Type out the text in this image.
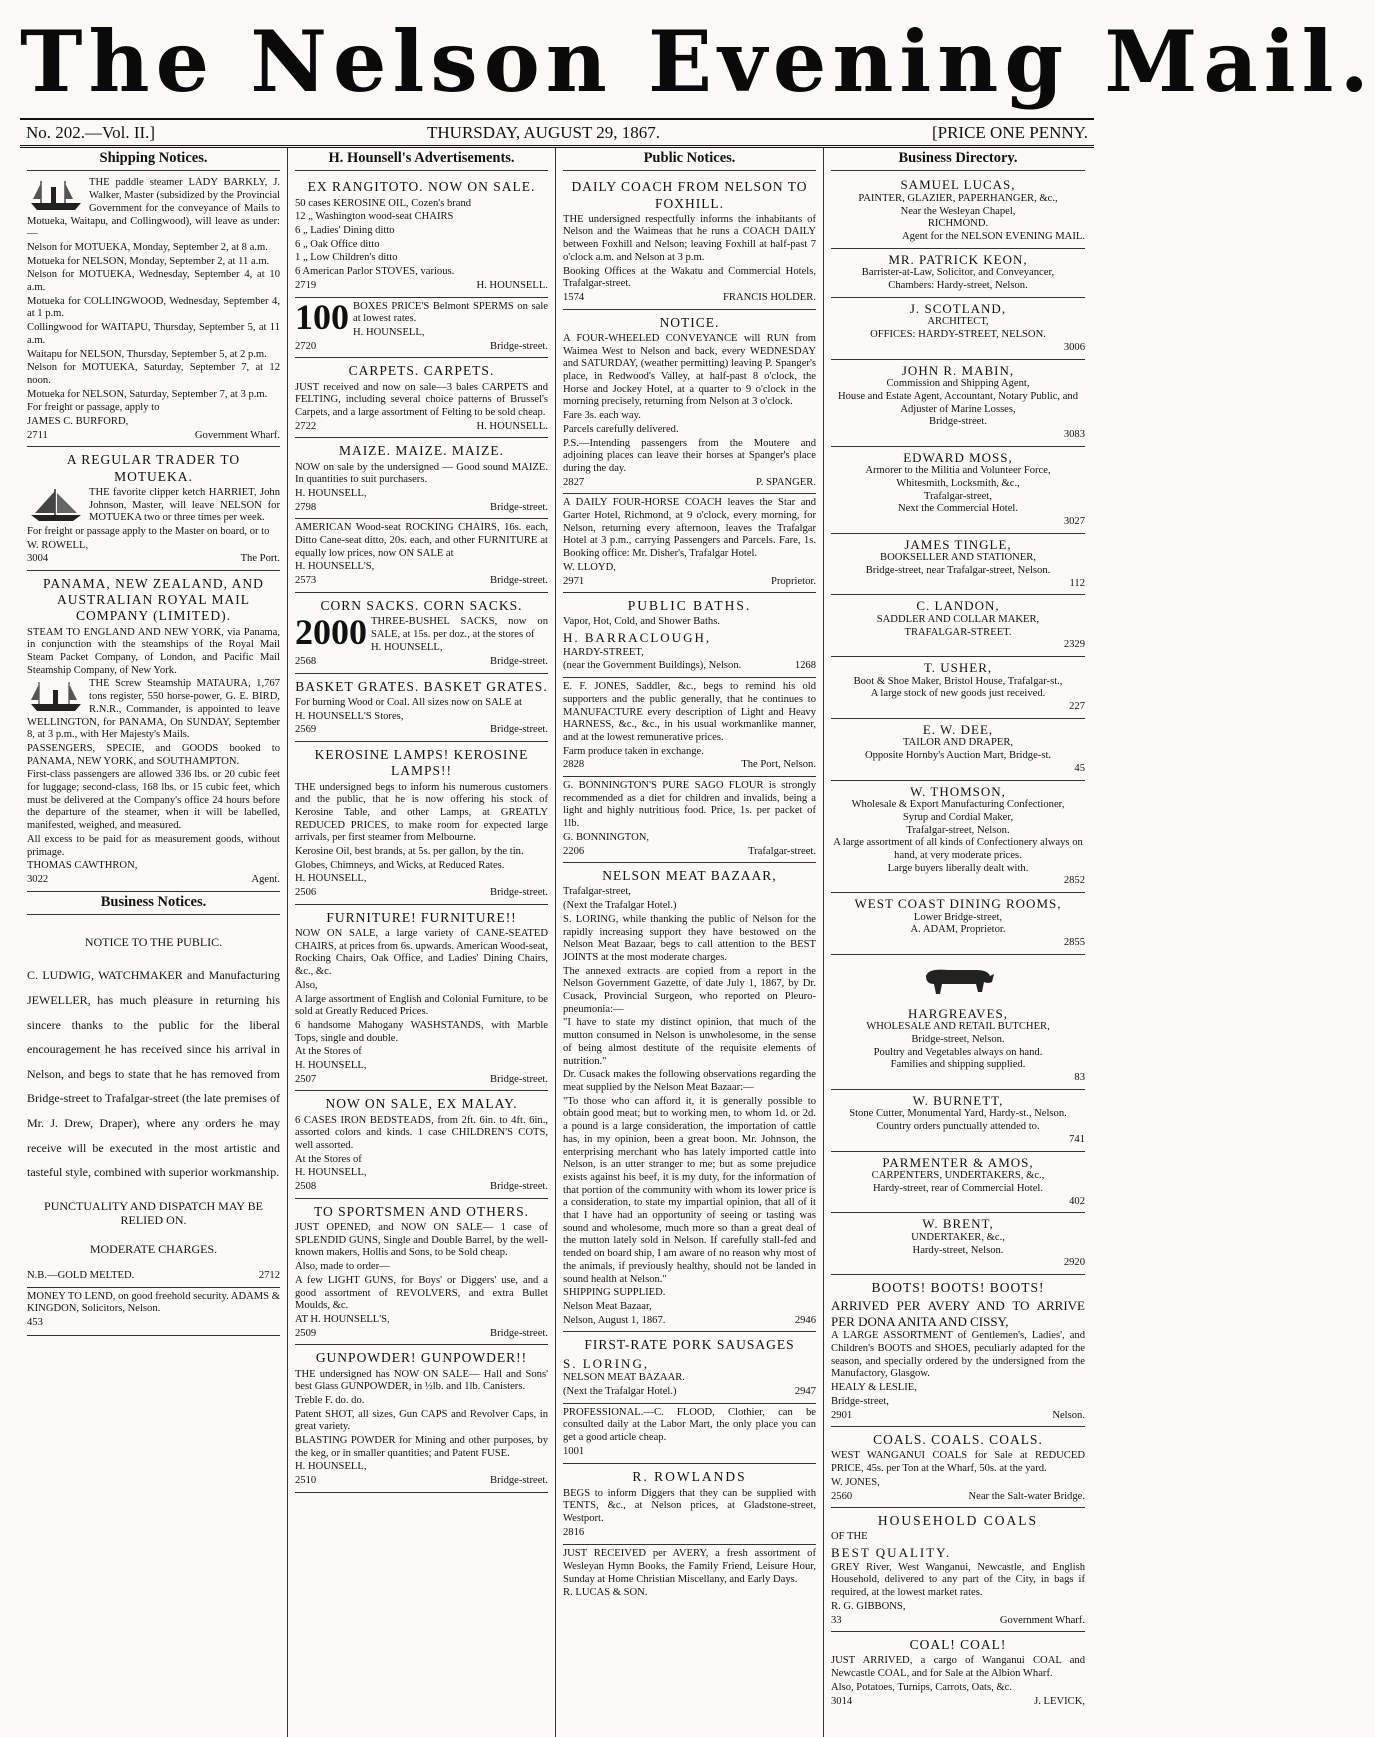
The Nelson Evening Mail.
No. 202.—Vol. II.]	THURSDAY, AUGUST 29, 1867.	[PRICE ONE PENNY.
Shipping Notices.

THE paddle steamer LADY BARKLY, J. Walker, Master (subsidized by the Provincial Government for the conveyance of Mails to Motueka, Waitapu, and Collingwood), will leave as under:—

Nelson for MOTUEKA, Monday, September 2, at 8 a.m.

Motueka for NELSON, Monday, September 2, at 11 a.m.

Nelson for MOTUEKA, Wednesday, September 4, at 10 a.m.

Motueka for COLLINGWOOD, Wednesday, September 4, at 1 p.m.

Collingwood for WAITAPU, Thursday, September 5, at 11 a.m.

Waitapu for NELSON, Thursday, September 5, at 2 p.m.

Nelson for MOTUEKA, Saturday, September 7, at 12 noon.

Motueka for NELSON, Saturday, September 7, at 3 p.m.

For freight or passage, apply to

JAMES C. BURFORD,

2711	Government Wharf.
A REGULAR TRADER TO MOTUEKA.

THE favorite clipper ketch HARRIET, John Johnson, Master, will leave NELSON for MOTUEKA two or three times per week.

For freight or passage apply to the Master on board, or to

W. ROWELL,

3004	The Port.
PANAMA, NEW ZEALAND, AND AUSTRALIAN ROYAL MAIL COMPANY (LIMITED).

STEAM TO ENGLAND AND NEW YORK, via Panama, in conjunction with the steamships of the Royal Mail Steam Packet Company, of London, and Pacific Mail Steamship Company, of New York.

THE Screw Steamship MATAURA, 1,767 tons register, 550 horse-power, G. E. BIRD, R.N.R., Commander, is appointed to leave WELLINGTON, for PANAMA, On SUNDAY, September 8, at 3 p.m., with Her Majesty's Mails.

PASSENGERS, SPECIE, and GOODS booked to PANAMA, NEW YORK, and SOUTHAMPTON.

First-class passengers are allowed 336 lbs. or 20 cubic feet for luggage; second-class, 168 lbs. or 15 cubic feet, which must be delivered at the Company's office 24 hours before the departure of the steamer, when it will be labelled, manifested, weighed, and measured.

All excess to be paid for as measurement goods, without primage.

THOMAS CAWTHRON,

3022	Agent.
Business Notices.
NOTICE TO THE PUBLIC.

C. LUDWIG, WATCHMAKER and Manufacturing JEWELLER, has much pleasure in returning his sincere thanks to the public for the liberal encouragement he has received since his arrival in Nelson, and begs to state that he has removed from Bridge-street to Trafalgar-street (the late premises of Mr. J. Drew, Draper), where any orders he may receive will be executed in the most artistic and tasteful style, combined with superior workmanship.

PUNCTUALITY AND DISPATCH MAY BE RELIED ON.
MODERATE CHARGES.
N.B.—GOLD MELTED.	2712

MONEY TO LEND, on good freehold security. ADAMS & KINGDON, Solicitors, Nelson.

453

H. Hounsell's Advertisements.
EX RANGITOTO. NOW ON SALE.

50 cases KEROSINE OIL, Cozen's brand

12 „ Washington wood-seat CHAIRS

6 „ Ladies' Dining ditto

6 „ Oak Office ditto

1 „ Low Children's ditto

6 American Parlor STOVES, various.

2719	H. HOUNSELL.
100 BOXES PRICE'S Belmont SPERMS on sale at lowest rates.

H. HOUNSELL,

2720	Bridge-street.
CARPETS. CARPETS.

JUST received and now on sale—3 bales CARPETS and FELTING, including several choice patterns of Brussel's Carpets, and a large assortment of Felting to be sold cheap.

2722	H. HOUNSELL.
MAIZE. MAIZE. MAIZE.

NOW on sale by the undersigned — Good sound MAIZE. In quantities to suit purchasers.

H. HOUNSELL,

2798	Bridge-street.

AMERICAN Wood-seat ROCKING CHAIRS, 16s. each, Ditto Cane-seat ditto, 20s. each, and other FURNITURE at equally low prices, now ON SALE at

H. HOUNSELL'S,

2573	Bridge-street.
CORN SACKS. CORN SACKS.
2000 THREE-BUSHEL SACKS, now on SALE, at 15s. per doz., at the stores of

H. HOUNSELL,

2568	Bridge-street.
BASKET GRATES. BASKET GRATES.

For burning Wood or Coal. All sizes now on SALE at

H. HOUNSELL'S Stores,

2569	Bridge-street.
KEROSINE LAMPS! KEROSINE LAMPS!!

THE undersigned begs to inform his numerous customers and the public, that he is now offering his stock of Kerosine Table, and other Lamps, at GREATLY REDUCED PRICES, to make room for expected large arrivals, per first steamer from Melbourne.

Kerosine Oil, best brands, at 5s. per gallon, by the tin.

Globes, Chimneys, and Wicks, at Reduced Rates.

H. HOUNSELL,

2506	Bridge-street.
FURNITURE! FURNITURE!!

NOW ON SALE, a large variety of CANE-SEATED CHAIRS, at prices from 6s. upwards. American Wood-seat, Rocking Chairs, Oak Office, and Ladies' Dining Chairs, &c., &c.

Also,

A large assortment of English and Colonial Furniture, to be sold at Greatly Reduced Prices.

6 handsome Mahogany WASHSTANDS, with Marble Tops, single and double.

At the Stores of

H. HOUNSELL,

2507	Bridge-street.
NOW ON SALE, EX MALAY.

6 CASES IRON BEDSTEADS, from 2ft. 6in. to 4ft. 6in., assorted colors and kinds. 1 case CHILDREN'S COTS, well assorted.

At the Stores of

H. HOUNSELL,

2508	Bridge-street.
TO SPORTSMEN AND OTHERS.

JUST OPENED, and NOW ON SALE— 1 case of SPLENDID GUNS, Single and Double Barrel, by the well-known makers, Hollis and Sons, to be Sold cheap.

Also, made to order—

A few LIGHT GUNS, for Boys' or Diggers' use, and a good assortment of REVOLVERS, and extra Bullet Moulds, &c.

AT H. HOUNSELL'S,

2509	Bridge-street.
GUNPOWDER! GUNPOWDER!!

THE undersigned has NOW ON SALE— Hall and Sons' best Glass GUNPOWDER, in ½lb. and 1lb. Canisters.

Treble F. do. do.

Patent SHOT, all sizes, Gun CAPS and Revolver Caps, in great variety.

BLASTING POWDER for Mining and other purposes, by the keg, or in smaller quantities; and Patent FUSE.

H. HOUNSELL,

2510	Bridge-street.
Public Notices.
DAILY COACH FROM NELSON TO FOXHILL.

THE undersigned respectfully informs the inhabitants of Nelson and the Waimeas that he runs a COACH DAILY between Foxhill and Nelson; leaving Foxhill at half-past 7 o'clock a.m. and Nelson at 3 p.m.

Booking Offices at the Wakatu and Commercial Hotels, Trafalgar-street.

1574	FRANCIS HOLDER.
NOTICE.

A FOUR-WHEELED CONVEYANCE will RUN from Waimea West to Nelson and back, every WEDNESDAY and SATURDAY, (weather permitting) leaving P. Spanger's place, in Redwood's Valley, at half-past 8 o'clock, the Horse and Jockey Hotel, at a quarter to 9 o'clock in the morning precisely, returning from Nelson at 3 o'clock.

Fare 3s. each way.

Parcels carefully delivered.

P.S.—Intending passengers from the Moutere and adjoining places can leave their horses at Spanger's place during the day.

2827	P. SPANGER.

A DAILY FOUR-HORSE COACH leaves the Star and Garter Hotel, Richmond, at 9 o'clock, every morning, for Nelson, returning every afternoon, leaves the Trafalgar Hotel at 3 p.m., carrying Passengers and Parcels. Fare, 1s. Booking office: Mr. Disher's, Trafalgar Hotel.

W. LLOYD,

2971	Proprietor.
PUBLIC BATHS.

Vapor, Hot, Cold, and Shower Baths.

H. BARRACLOUGH,

HARDY-STREET,

(near the Government Buildings), Nelson.	1268

E. F. JONES, Saddler, &c., begs to remind his old supporters and the public generally, that he continues to MANUFACTURE every description of Light and Heavy HARNESS, &c., &c., in his usual workmanlike manner, and at the lowest remunerative prices.

Farm produce taken in exchange.

2828	The Port, Nelson.

G. BONNINGTON'S PURE SAGO FLOUR is strongly recommended as a diet for children and invalids, being a light and highly nutritious food. Price, 1s. per packet of 1lb.

G. BONNINGTON,

2206	Trafalgar-street.
NELSON MEAT BAZAAR,

Trafalgar-street,

(Next the Trafalgar Hotel.)

S. LORING, while thanking the public of Nelson for the rapidly increasing support they have bestowed on the Nelson Meat Bazaar, begs to call attention to the BEST JOINTS at the most moderate charges.

The annexed extracts are copied from a report in the Nelson Government Gazette, of date July 1, 1867, by Dr. Cusack, Provincial Surgeon, who reported on Pleuro-pneumonia:—

"I have to state my distinct opinion, that much of the mutton consumed in Nelson is unwholesome, in the sense of being almost destitute of the requisite elements of nutrition."

Dr. Cusack makes the following observations regarding the meat supplied by the Nelson Meat Bazaar:—

"To those who can afford it, it is generally possible to obtain good meat; but to working men, to whom 1d. or 2d. a pound is a large consideration, the importation of cattle has, in my opinion, been a great boon. Mr. Johnson, the enterprising merchant who has lately imported cattle into Nelson, is an utter stranger to me; but as some prejudice exists against his beef, it is my duty, for the information of that portion of the community with whom its lower price is a consideration, to state my impartial opinion, that all of it that I have had an opportunity of seeing or tasting was sound and wholesome, much more so than a great deal of the mutton lately sold in Nelson. If carefully stall-fed and tended on board ship, I am aware of no reason why most of the animals, if previously healthy, should not be landed in sound health at Nelson."

SHIPPING SUPPLIED.

Nelson Meat Bazaar,

Nelson, August 1, 1867.	2946
FIRST-RATE PORK SAUSAGES

S. LORING,

NELSON MEAT BAZAAR.

(Next the Trafalgar Hotel.)	2947

PROFESSIONAL.—C. FLOOD, Clothier, can be consulted daily at the Labor Mart, the only place you can get a good article cheap.

1001

R. ROWLANDS

BEGS to inform Diggers that they can be supplied with TENTS, &c., at Nelson prices, at Gladstone-street, Westport.

2816

JUST RECEIVED per AVERY, a fresh assortment of Wesleyan Hymn Books, the Family Friend, Leisure Hour, Sunday at Home Christian Miscellany, and Early Days.

R. LUCAS & SON.

Business Directory.
SAMUEL LUCAS,
PAINTER, GLAZIER, PAPERHANGER, &c.,
Near the Wesleyan Chapel,
RICHMOND.
Agent for the NELSON EVENING MAIL.
MR. PATRICK KEON,
Barrister-at-Law, Solicitor, and Conveyancer,
Chambers: Hardy-street, Nelson.
J. SCOTLAND,
ARCHITECT,
OFFICES: HARDY-STREET, NELSON.
3006
JOHN R. MABIN,
Commission and Shipping Agent,
House and Estate Agent, Accountant, Notary Public, and Adjuster of Marine Losses,
Bridge-street.
3083
EDWARD MOSS,
Armorer to the Militia and Volunteer Force,
Whitesmith, Locksmith, &c.,
Trafalgar-street,
Next the Commercial Hotel.
3027
JAMES TINGLE,
BOOKSELLER AND STATIONER,
Bridge-street, near Trafalgar-street, Nelson.
112
C. LANDON,
SADDLER AND COLLAR MAKER,
TRAFALGAR-STREET.
2329
T. USHER,
Boot & Shoe Maker, Bristol House, Trafalgar-st.,
A large stock of new goods just received.
227
E. W. DEE,
TAILOR AND DRAPER,
Opposite Hornby's Auction Mart, Bridge-st.
45
W. THOMSON,
Wholesale & Export Manufacturing Confectioner,
Syrup and Cordial Maker,
Trafalgar-street, Nelson.
A large assortment of all kinds of Confectionery always on hand, at very moderate prices.
Large buyers liberally dealt with.
2852
WEST COAST DINING ROOMS,
Lower Bridge-street,
A. ADAM, Proprietor.
2855
HARGREAVES,
WHOLESALE AND RETAIL BUTCHER,
Bridge-street, Nelson.
Poultry and Vegetables always on hand.
Families and shipping supplied.
83
W. BURNETT,
Stone Cutter, Monumental Yard, Hardy-st., Nelson.
Country orders punctually attended to.
741
PARMENTER & AMOS,
CARPENTERS, UNDERTAKERS, &c.,
Hardy-street, rear of Commercial Hotel.
402
W. BRENT,
UNDERTAKER, &c.,
Hardy-street, Nelson.
2920
BOOTS! BOOTS! BOOTS!

ARRIVED PER AVERY AND TO ARRIVE PER DONA ANITA AND CISSY,

A LARGE ASSORTMENT of Gentlemen's, Ladies', and Children's BOOTS and SHOES, peculiarly adapted for the season, and specially ordered by the undersigned from the Manufactory, Glasgow.

HEALY & LESLIE,

Bridge-street,

2901	Nelson.
COALS. COALS. COALS.

WEST WANGANUI COALS for Sale at REDUCED PRICE, 45s. per Ton at the Wharf, 50s. at the yard.

W. JONES,

2560	Near the Salt-water Bridge.
HOUSEHOLD COALS

OF THE

BEST QUALITY.

GREY River, West Wanganui, Newcastle, and English Household, delivered to any part of the City, in bags if required, at the lowest market rates.

R. G. GIBBONS,

33	Government Wharf.
COAL! COAL!

JUST ARRIVED, a cargo of Wanganui COAL and Newcastle COAL, and for Sale at the Albion Wharf.

Also, Potatoes, Turnips, Carrots, Oats, &c.

3014	J. LEVICK,
